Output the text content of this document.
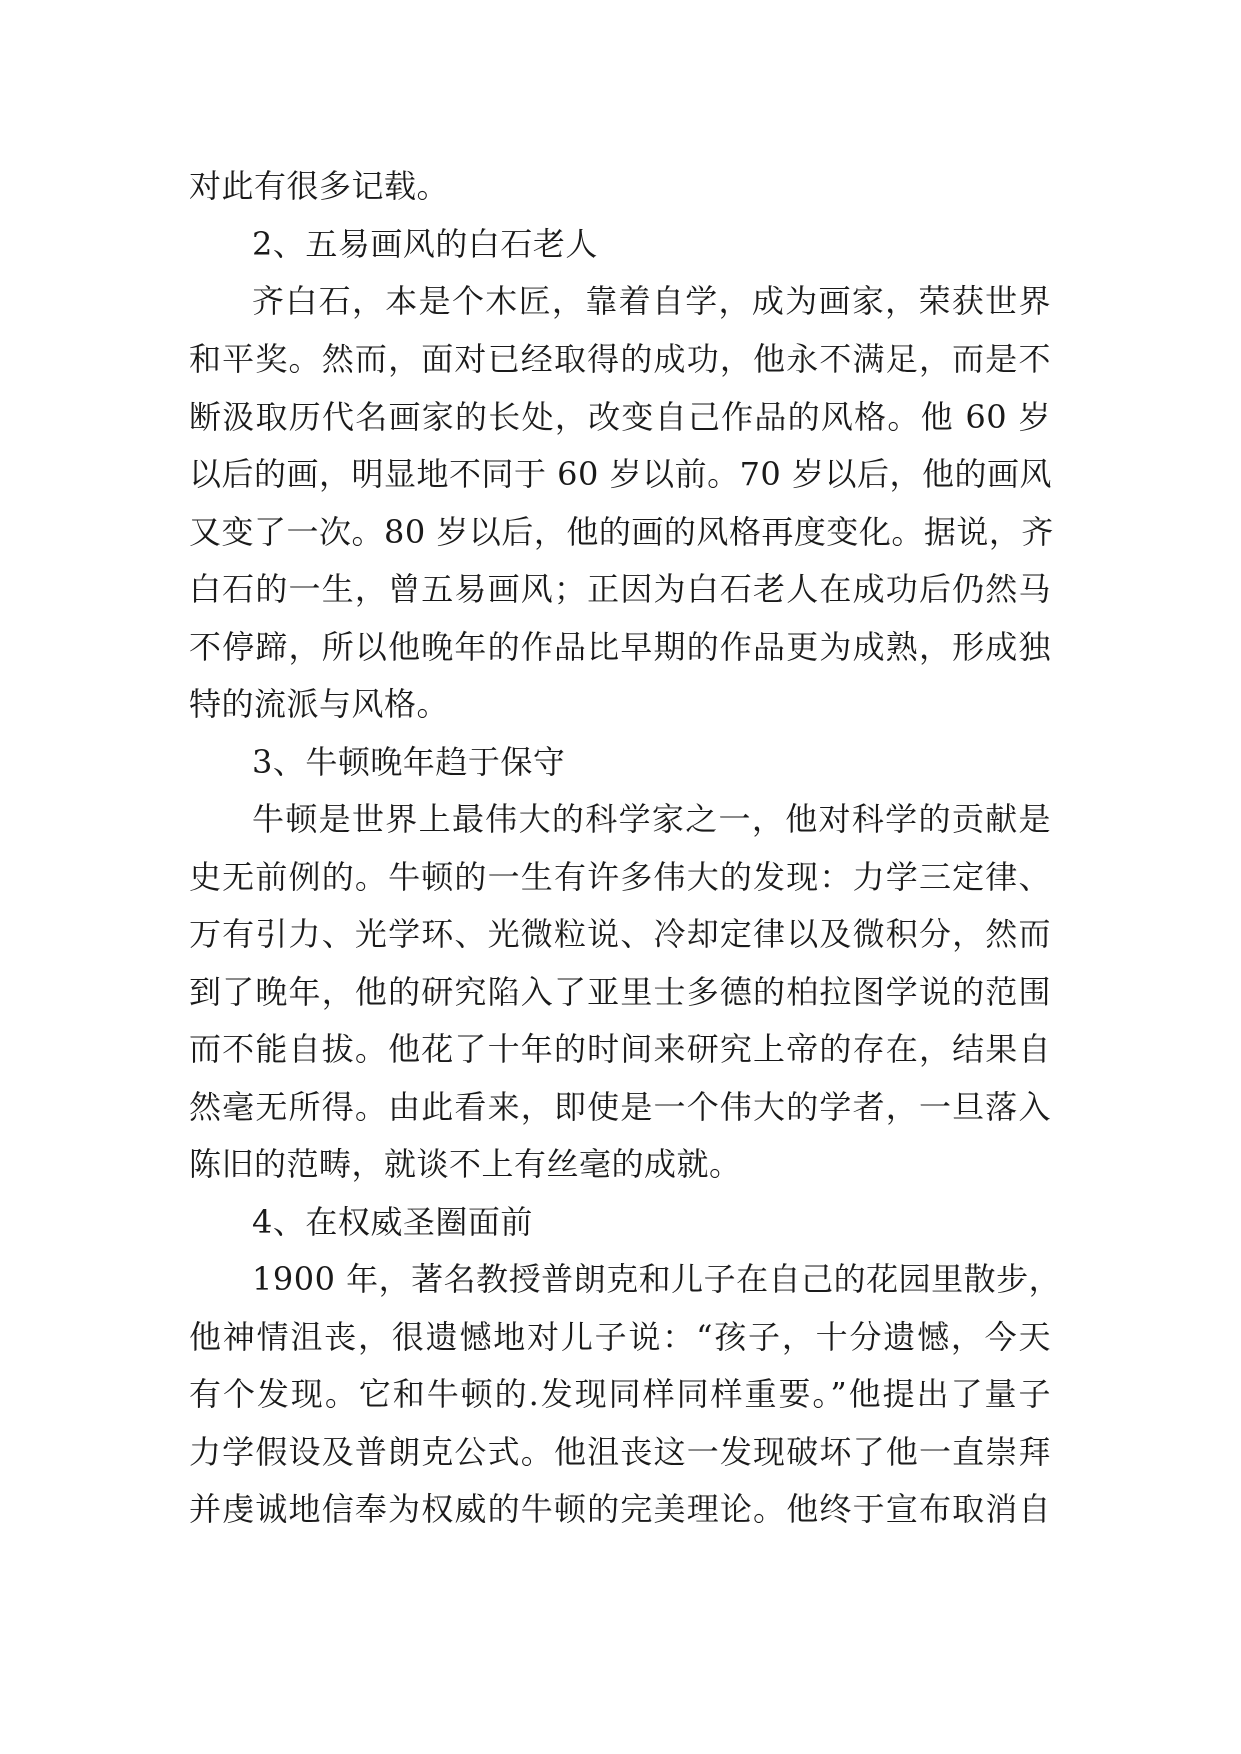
对此有很多记载。
2、五易画风的白石老人
齐白石，本是个木匠，靠着自学，成为画家，荣获世界
和平奖。然而，面对已经取得的成功，他永不满足，而是不
断汲取历代名画家的长处，改变自己作品的风格。他 60 岁
以后的画，明显地不同于 60 岁以前。70 岁以后，他的画风
又变了一次。80 岁以后，他的画的风格再度变化。据说，齐
白石的一生，曾五易画风；正因为白石老人在成功后仍然马
不停蹄，所以他晚年的作品比早期的作品更为成熟，形成独
特的流派与风格。
3、牛顿晚年趋于保守
牛顿是世界上最伟大的科学家之一，他对科学的贡献是
史无前例的。牛顿的一生有许多伟大的发现：力学三定律、
万有引力、光学环、光微粒说、冷却定律以及微积分，然而
到了晚年，他的研究陷入了亚里士多德的柏拉图学说的范围
而不能自拔。他花了十年的时间来研究上帝的存在，结果自
然毫无所得。由此看来，即使是一个伟大的学者，一旦落入
陈旧的范畴，就谈不上有丝毫的成就。
4、在权威圣圈面前
1900 年，著名教授普朗克和儿子在自己的花园里散步，
他神情沮丧，很遗憾地对儿子说：“孩子，十分遗憾，今天
有个发现。它和牛顿的.发现同样同样重要。”他提出了量子
力学假设及普朗克公式。他沮丧这一发现破坏了他一直崇拜
并虔诚地信奉为权威的牛顿的完美理论。他终于宣布取消自
